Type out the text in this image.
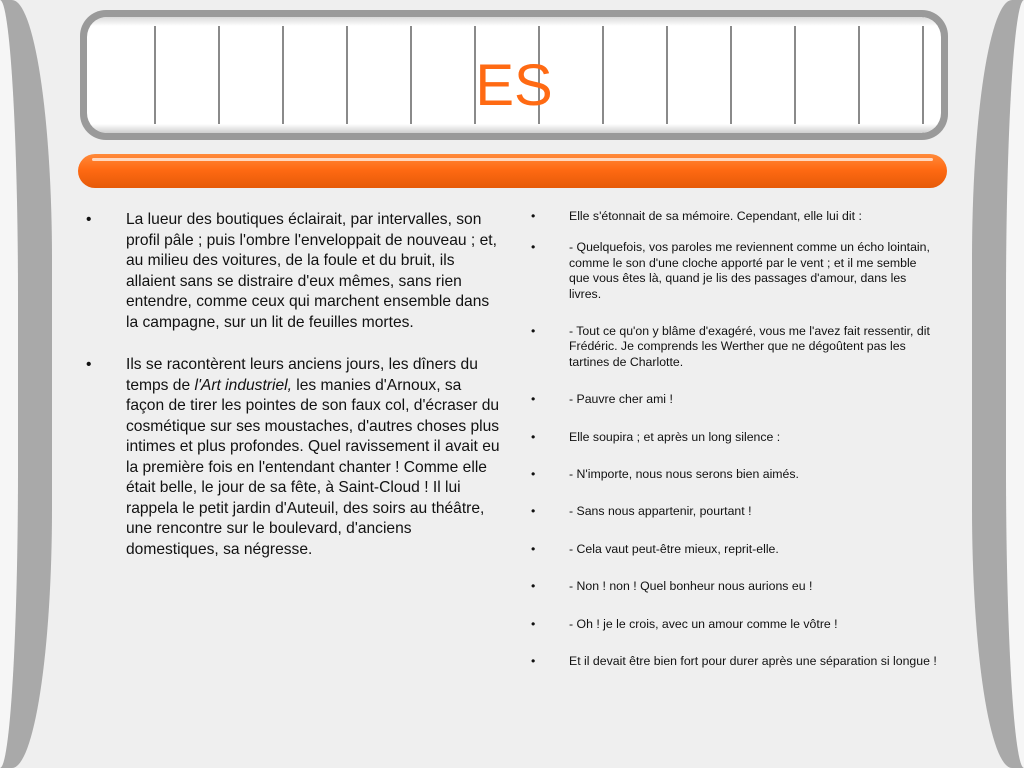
ES
• La lueur des boutiques éclairait, par intervalles, son profil pâle ; puis l'ombre l'enveloppait de nouveau ; et, au milieu des voitures, de la foule et du bruit, ils allaient sans se distraire d'eux mêmes, sans rien entendre, comme ceux qui marchent ensemble dans la campagne, sur un lit de feuilles mortes.
• Ils se racontèrent leurs anciens jours, les dîners du temps de l'Art industriel, les manies d'Arnoux, sa façon de tirer les pointes de son faux col, d'écraser du cosmétique sur ses moustaches, d'autres choses plus intimes et plus profondes. Quel ravissement il avait eu la première fois en l'entendant chanter ! Comme elle était belle, le jour de sa fête, à Saint-Cloud ! Il lui rappela le petit jardin d'Auteuil, des soirs au théâtre, une rencontre sur le boulevard, d'anciens domestiques, sa négresse.
•	Elle s'étonnait de sa mémoire. Cependant, elle lui dit :
•	- Quelquefois, vos paroles me reviennent comme un écho lointain, comme le son d'une cloche apporté par le vent ; et il me semble que vous êtes là, quand je lis des passages d'amour, dans les livres.
•	- Tout ce qu'on y blâme d'exagéré, vous me l'avez fait ressentir, dit Frédéric. Je comprends les Werther que ne dégoûtent pas les tartines de Charlotte.
•	- Pauvre cher ami !
•	Elle soupira ; et après un long silence :
•	- N'importe, nous nous serons bien aimés.
•	- Sans nous appartenir, pourtant !
•	- Cela vaut peut-être mieux, reprit-elle.
•	- Non ! non ! Quel bonheur nous aurions eu !
•	- Oh ! je le crois, avec un amour comme le vôtre !
•	Et il devait être bien fort pour durer après une séparation si longue !
